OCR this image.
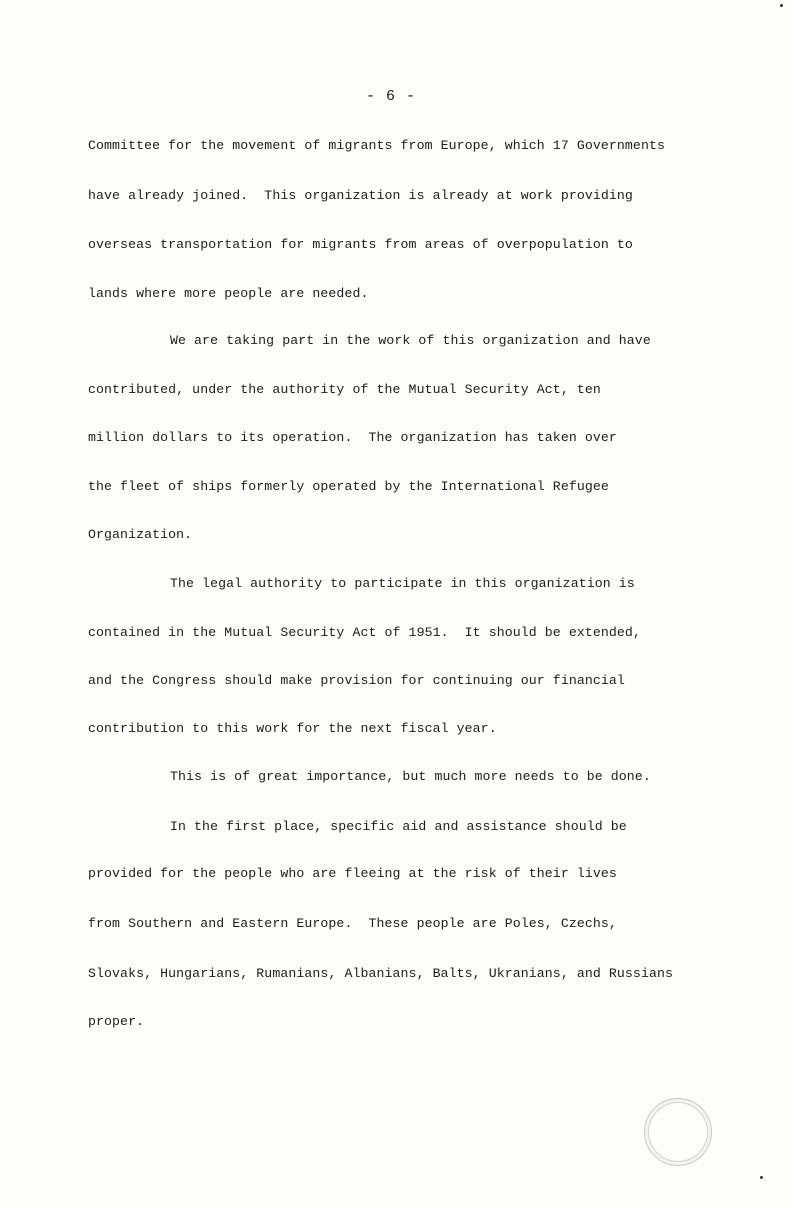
- 6 -
Committee for the movement of migrants from Europe, which 17 Governments
have already joined.  This organization is already at work providing
overseas transportation for migrants from areas of overpopulation to
lands where more people are needed.
We are taking part in the work of this organization and have
contributed, under the authority of the Mutual Security Act, ten
million dollars to its operation.  The organization has taken over
the fleet of ships formerly operated by the International Refugee
Organization.
The legal authority to participate in this organization is
contained in the Mutual Security Act of 1951.  It should be extended,
and the Congress should make provision for continuing our financial
contribution to this work for the next fiscal year.
This is of great importance, but much more needs to be done.
In the first place, specific aid and assistance should be
provided for the people who are fleeing at the risk of their lives
from Southern and Eastern Europe.  These people are Poles, Czechs,
Slovaks, Hungarians, Rumanians, Albanians, Balts, Ukranians, and Russians
proper.
